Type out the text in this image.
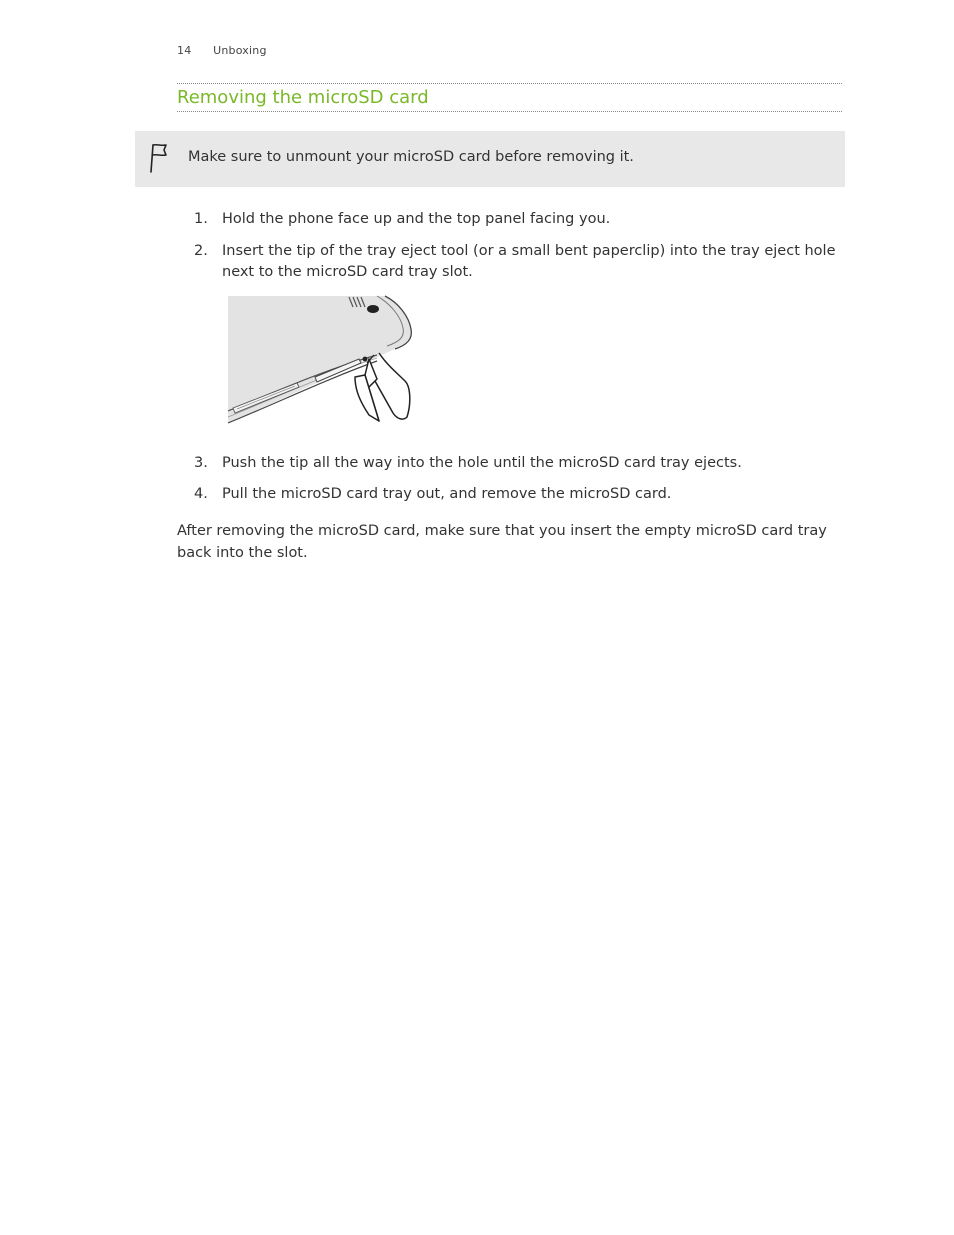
14 Unboxing
Removing the microSD card
Make sure to unmount your microSD card before removing it.
1. Hold the phone face up and the top panel facing you.
2. Insert the tip of the tray eject tool (or a small bent paperclip) into the tray eject hole next to the microSD card tray slot.
3. Push the tip all the way into the hole until the microSD card tray ejects.
4. Pull the microSD card tray out, and remove the microSD card.
After removing the microSD card, make sure that you insert the empty microSD card tray back into the slot.
